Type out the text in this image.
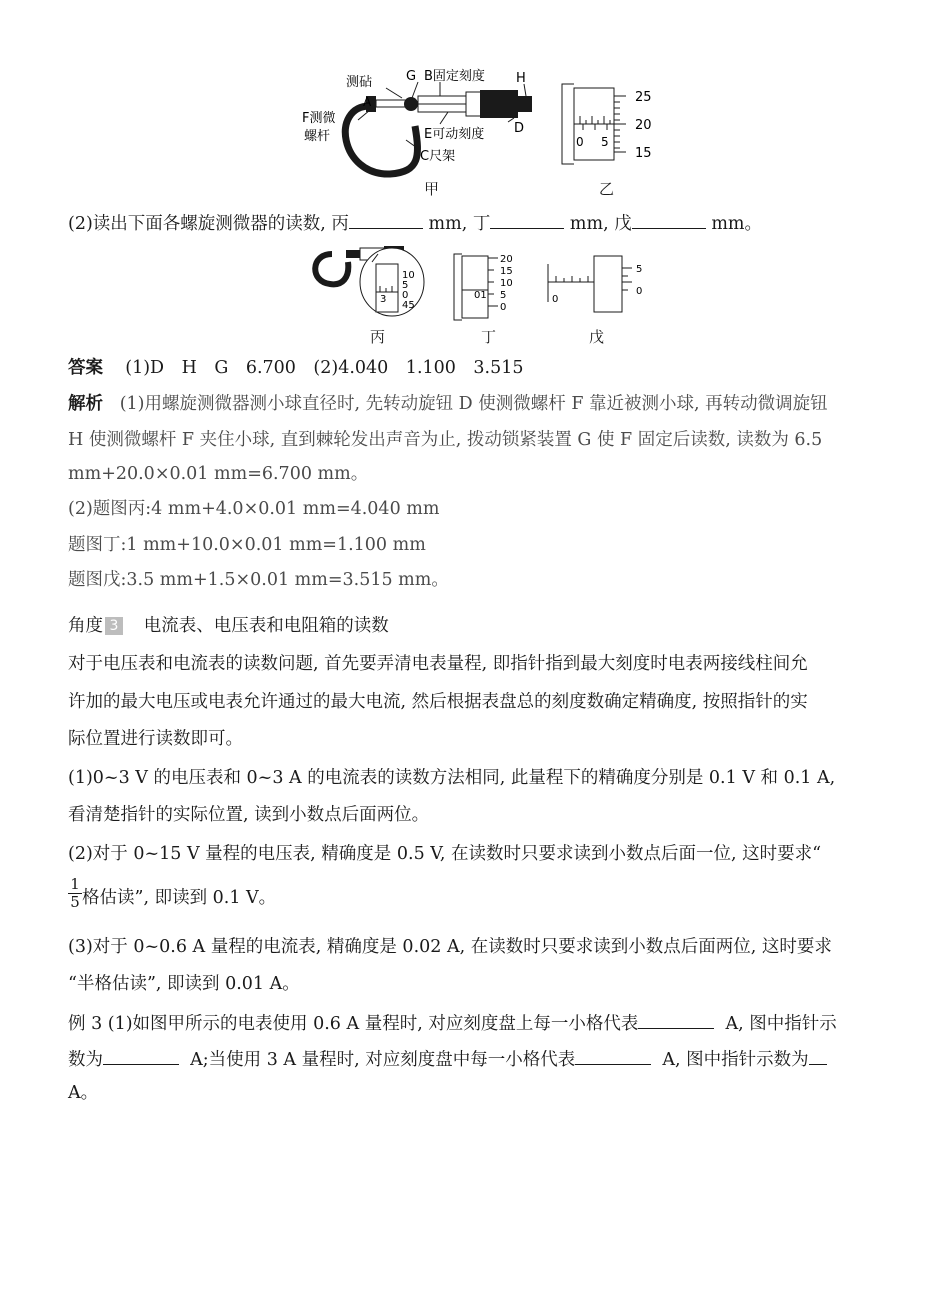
测砧
A
F测微
螺杆
G B固定刻度 H
D
E可动刻度
C尺架
25
20
15
0 5
甲	乙
(2)读出下面各螺旋测微器的读数, 丙	mm, 丁	mm, 戊	mm。
10
5
0
45
3
20
15
10
5
0
01
5
0
0
丙	丁	戊
答案 (1)D　H　G　6.700　(2)4.040　1.100　3.515
解析 (1)用螺旋测微器测小球直径时, 先转动旋钮 D 使测微螺杆 F 靠近被测小球, 再转动微调旋钮
H 使测微螺杆 F 夹住小球, 直到棘轮发出声音为止, 拨动锁紧装置 G 使 F 固定后读数, 读数为 6.5
mm+20.0×0.01 mm=6.700 mm。
(2)题图丙:4 mm+4.0×0.01 mm=4.040 mm
题图丁:1 mm+10.0×0.01 mm=1.100 mm
题图戊:3.5 mm+1.5×0.01 mm=3.515 mm。
角度 3 电流表、电压表和电阻箱的读数
对于电压表和电流表的读数问题, 首先要弄清电表量程, 即指针指到最大刻度时电表两接线柱间允
许加的最大电压或电表允许通过的最大电流, 然后根据表盘总的刻度数确定精确度, 按照指针的实
际位置进行读数即可。
(1)0~3 V 的电压表和 0~3 A 的电流表的读数方法相同, 此量程下的精确度分别是 0.1 V 和 0.1 A,
看清楚指针的实际位置, 读到小数点后面两位。
(2)对于 0~15 V 量程的电压表, 精确度是 0.5 V, 在读数时只要求读到小数点后面一位, 这时要求“
$\frac{1}{5}$ 格估读”, 即读到 0.1 V。
(3)对于 0~0.6 A 量程的电流表, 精确度是 0.02 A, 在读数时只要求读到小数点后面两位, 这时要求
“半格估读”, 即读到 0.01 A。
例 3 (1)如图甲所示的电表使用 0.6 A 量程时, 对应刻度盘上每一小格代表	A, 图中指针示
数为	A;当使用 3 A 量程时, 对应刻度盘中每一小格代表	A, 图中指针示数为
A。
